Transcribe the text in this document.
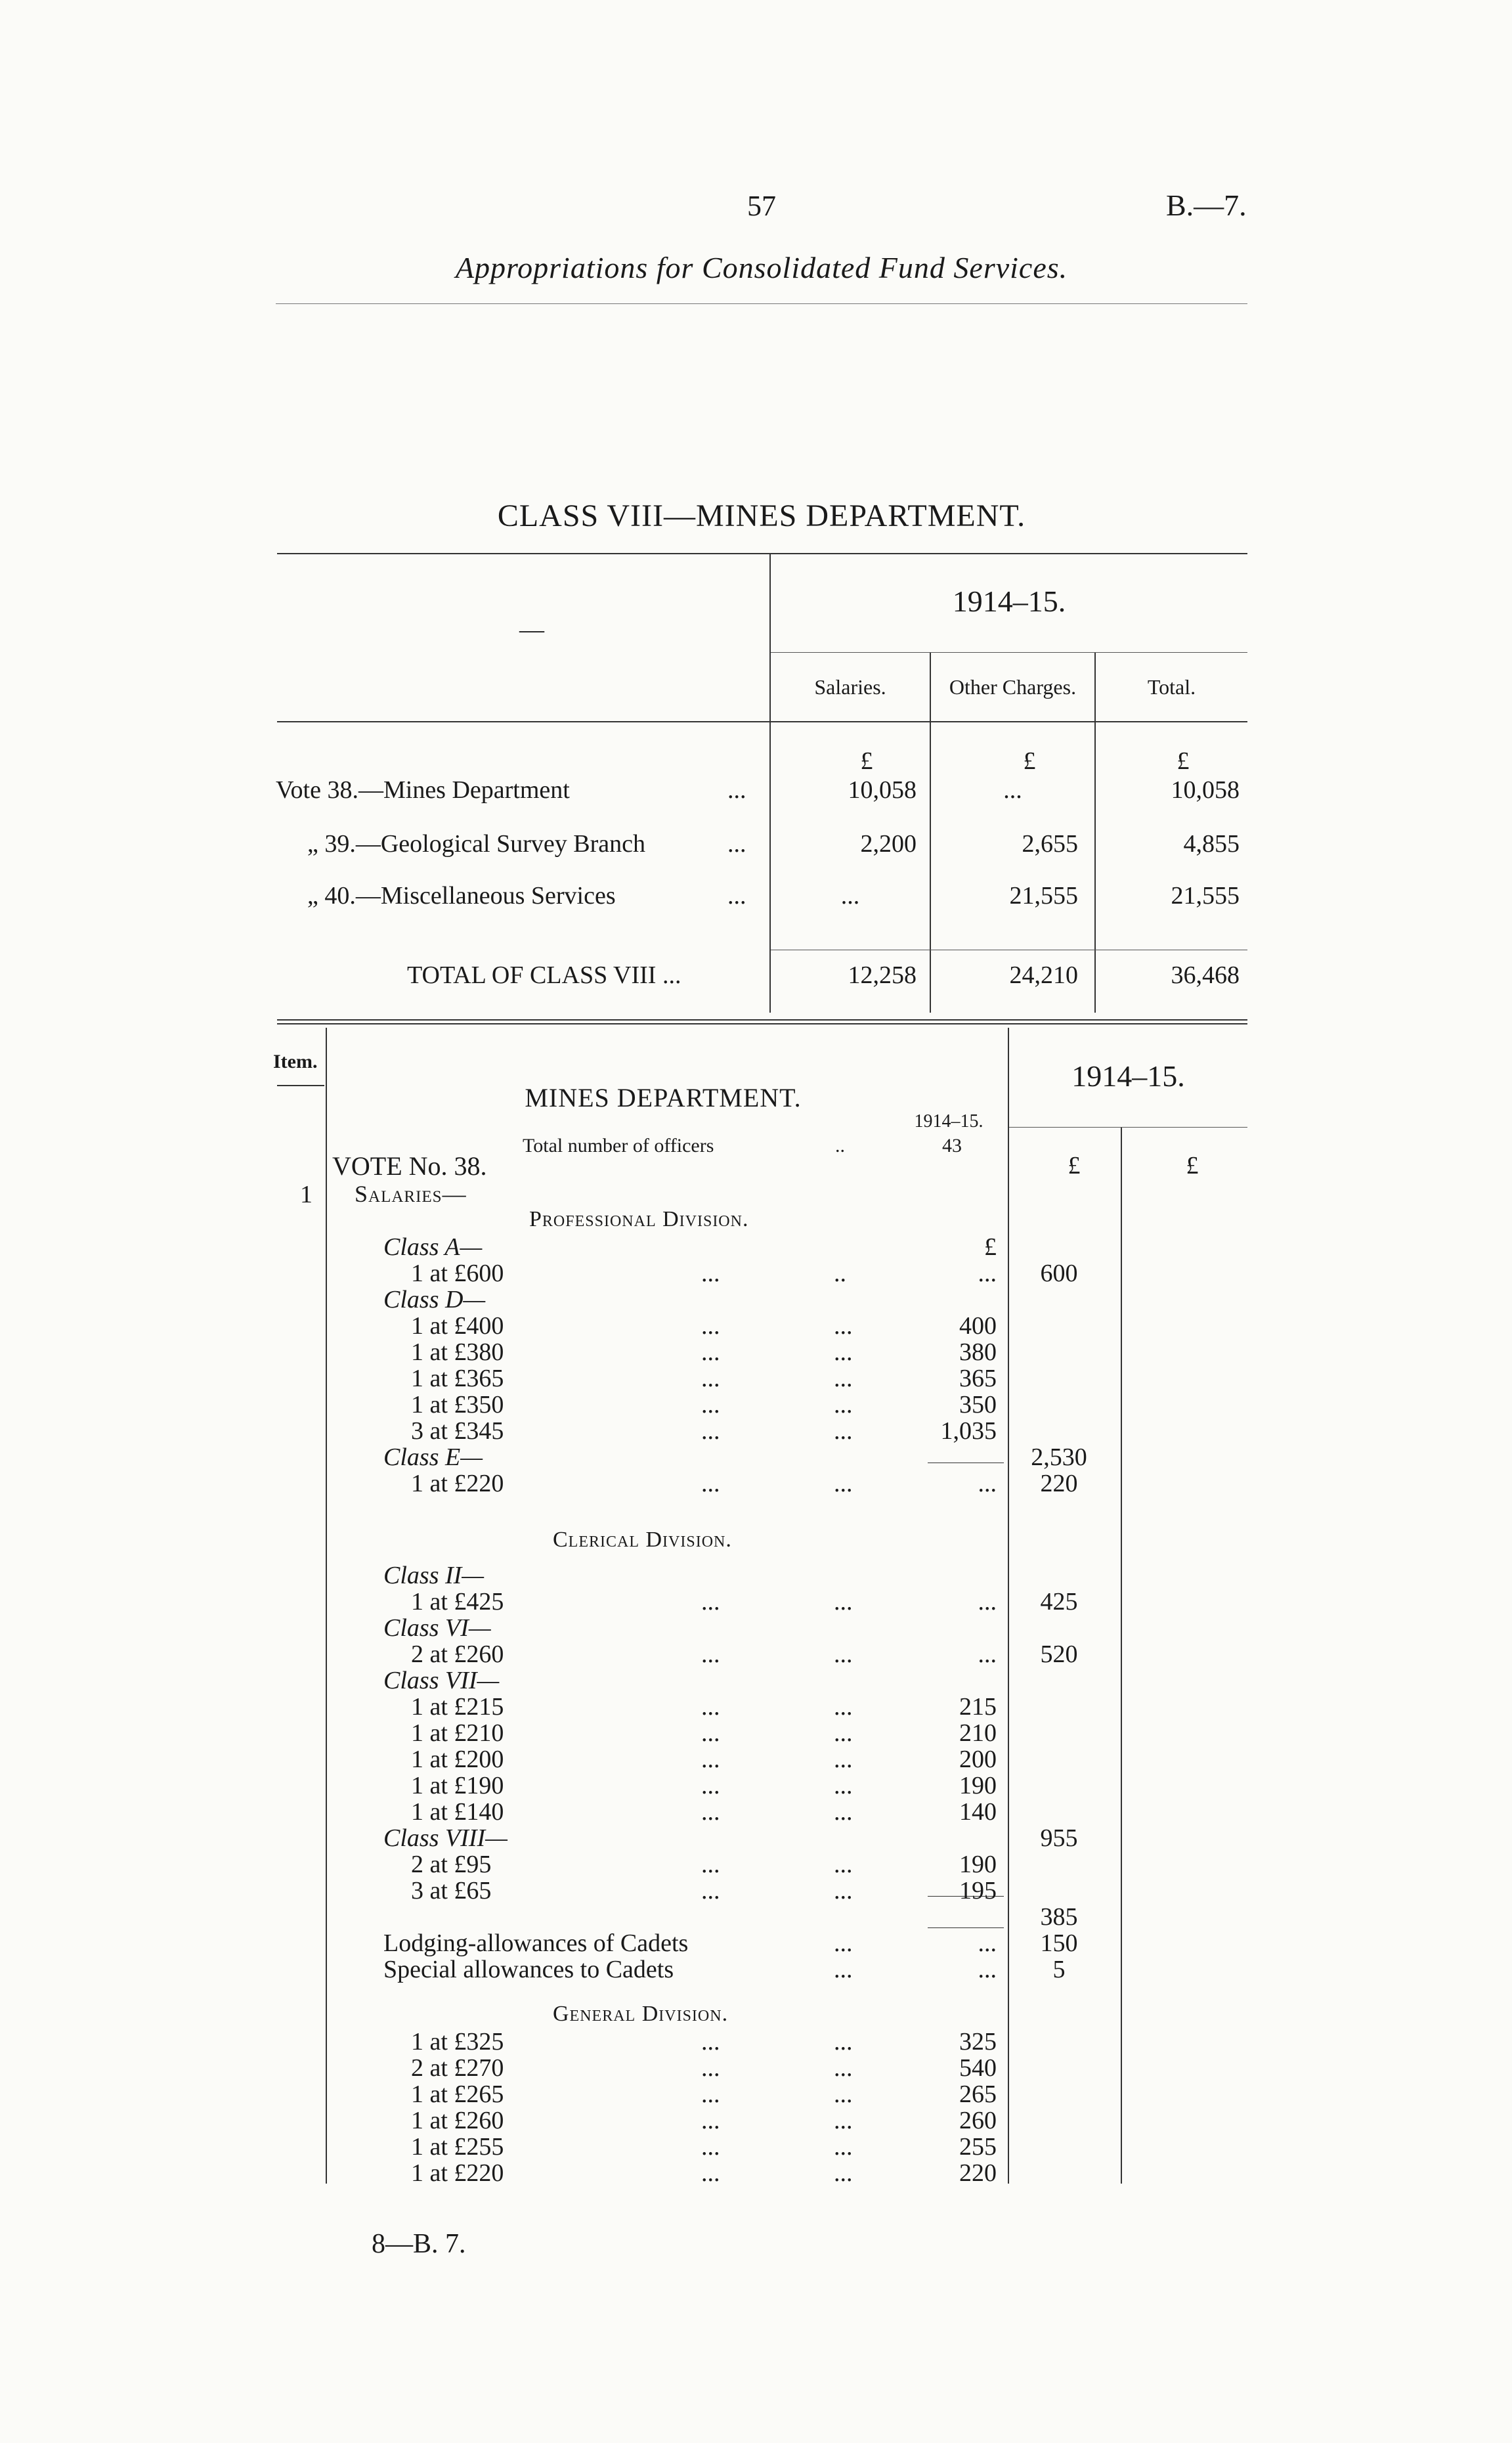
57	B.—7.
Appropriations for Consolidated Fund Services.
CLASS VIII—MINES DEPARTMENT.
—
1914–15.
Salaries.	Other Charges.	Total.
£	£	£
Vote 38.—Mines Department	...	10,058	...	10,058
„ 39.—Geological Survey Branch	...	2,200	2,655	4,855
„ 40.—Miscellaneous Services	...	...	21,555	21,555
TOTAL OF CLASS VIII ...	12,258	24,210	36,468
Item.	1914–15.
MINES DEPARTMENT.
1914–15.
Total number of officers	..	43
VOTE No. 38.	£	£
1 Salaries—
Professional Division.
Clerical Division.
General Division.
Class A—	£
1 at £600	...	..	...	600
Class D—
1 at £400	...	...	400
1 at £380	...	...	380
1 at £365	...	...	365
1 at £350	...	...	350
3 at £345	...	...	1,035
Class E—	2,530
1 at £220	...	...	...	220
Class II—
1 at £425	...	...	...	425
Class VI—
2 at £260	...	...	...	520
Class VII—
1 at £215	...	...	215
1 at £210	...	...	210
1 at £200	...	...	200
1 at £190	...	...	190
1 at £140	...	...	140
Class VIII—	955
2 at £95	...	...	190
3 at £65	...	...	195
385
Lodging-allowances of Cadets	...	...	150
Special allowances to Cadets	...	...	5
1 at £325	...	...	325
2 at £270	...	...	540
1 at £265	...	...	265
1 at £260	...	...	260
1 at £255	...	...	255
1 at £220	...	...	220
8—B. 7.
